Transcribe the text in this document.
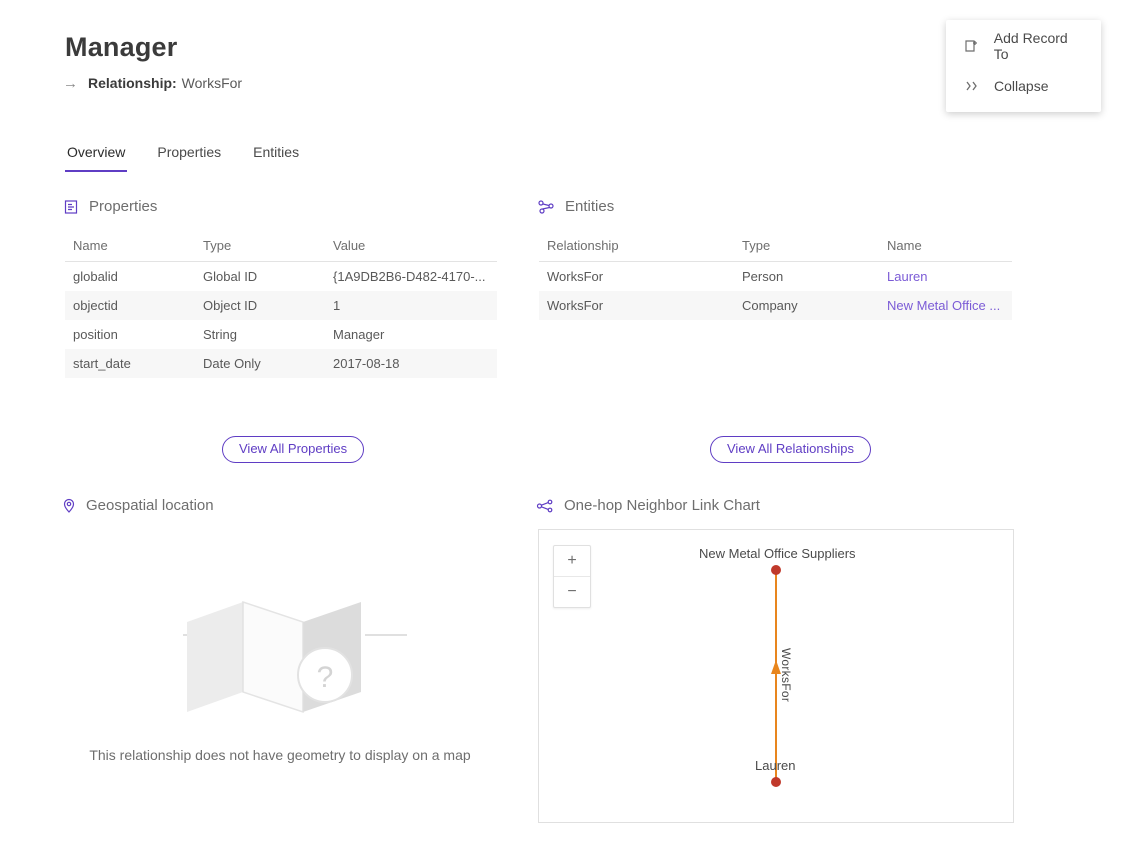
Add Record To
Collapse
Manager
→ Relationship: WorksFor
Overview Properties Entities
Properties
Name	Type	Value
globalid	Global ID	{1A9DB2B6-D482-4170-...
objectid	Object ID	1
position	String	Manager
start_date	Date Only	2017-08-18
View All Properties
Entities
Relationship	Type	Name
WorksFor	Person	Lauren
WorksFor	Company	New Metal Office ...
View All Relationships
Geospatial location
?
This relationship does not have geometry to display on a map
One-hop Neighbor Link Chart
+
−
New Metal Office Suppliers
WorksFor
Lauren
